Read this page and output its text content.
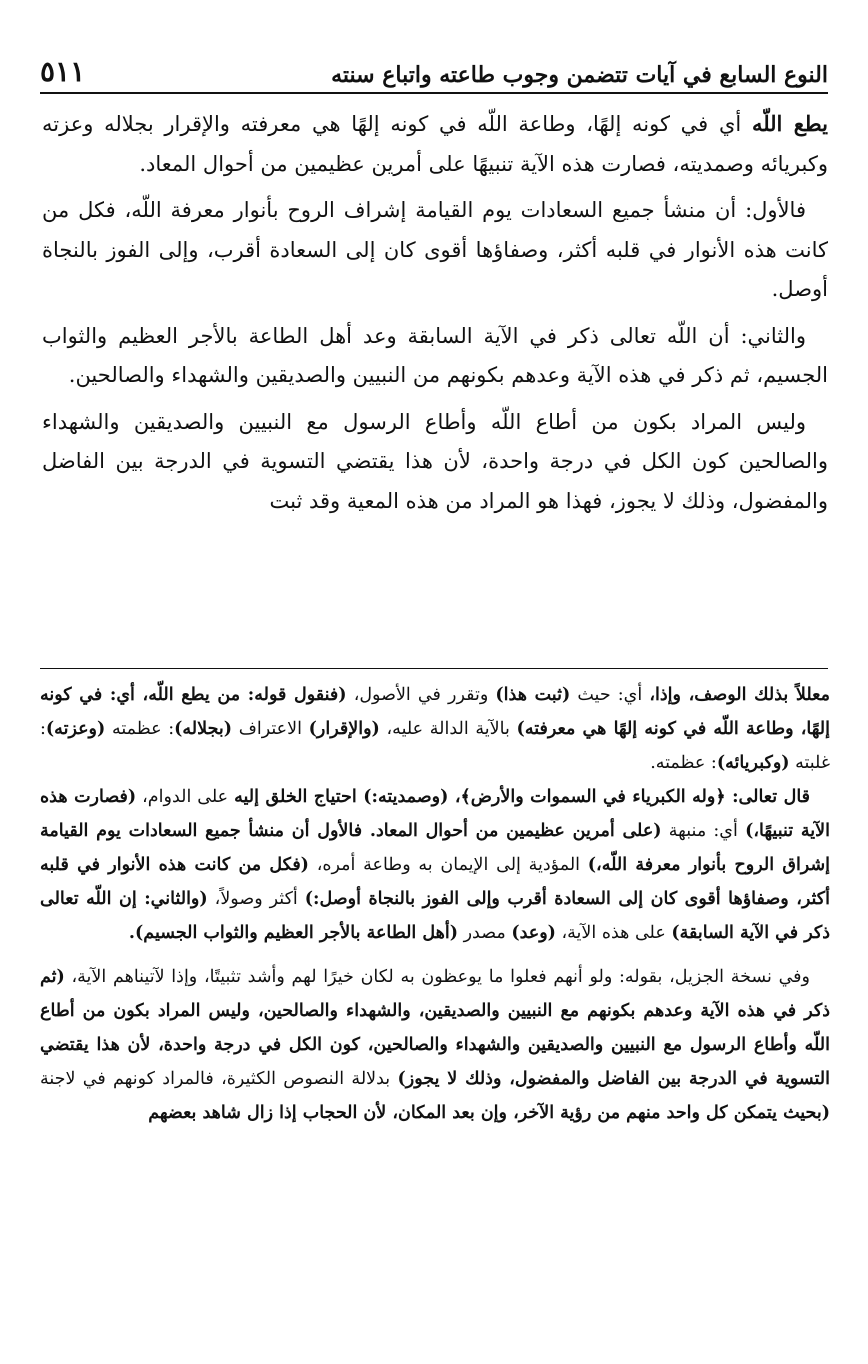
النوع السابع في آيات تتضمن وجوب طاعته واتباع سنته
٥١١

يطع اللّه أي في كونه إلهًا، وطاعة اللّه في كونه إلهًا هي معرفته والإقرار بجلاله وعزته وكبريائه وصمديته، فصارت هذه الآية تنبيهًا على أمرين عظيمين من أحوال المعاد.

فالأول: أن منشأ جميع السعادات يوم القيامة إشراف الروح بأنوار معرفة اللّه، فكل من كانت هذه الأنوار في قلبه أكثر، وصفاؤها أقوى كان إلى السعادة أقرب، وإلى الفوز بالنجاة أوصل.

والثاني: أن اللّه تعالى ذكر في الآية السابقة وعد أهل الطاعة بالأجر العظيم والثواب الجسيم، ثم ذكر في هذه الآية وعدهم بكونهم من النبيين والصديقين والشهداء والصالحين.

وليس المراد بكون من أطاع اللّه وأطاع الرسول مع النبيين والصديقين والشهداء والصالحين كون الكل في درجة واحدة، لأن هذا يقتضي التسوية في الدرجة بين الفاضل والمفضول، وذلك لا يجوز، فهذا هو المراد من هذه المعية وقد ثبت

معللاً بذلك الوصف، وإذا، أي: حيث (ثبت هذا) وتقرر في الأصول، (فنقول قوله: من يطع اللّه، أي: في كونه إلهًا، وطاعة اللّه في كونه إلهًا هي معرفته) بالآية الدالة عليه، (والإقرار) الاعتراف (بجلاله): عظمته (وعزته): غلبته (وكبريائه): عظمته.

قال تعالى: ﴿وله الكبرياء في السموات والأرض﴾، (وصمديته:) احتياج الخلق إليه على الدوام، (فصارت هذه الآية تنبيهًا،) أي: منبهة (على أمرين عظيمين من أحوال المعاد. فالأول أن منشأ جميع السعادات يوم القيامة إشراق الروح بأنوار معرفة اللّه،) المؤدية إلى الإيمان به وطاعة أمره، (فكل من كانت هذه الأنوار في قلبه أكثر، وصفاؤها أقوى كان إلى السعادة أقرب وإلى الفوز بالنجاة أوصل:) أكثر وصولاً، (والثاني: إن اللّه تعالى ذكر في الآية السابقة) على هذه الآية، (وعد) مصدر (أهل الطاعة بالأجر العظيم والثواب الجسيم).

وفي نسخة الجزيل، بقوله: ولو أنهم فعلوا ما يوعظون به لكان خيرًا لهم وأشد تثبيتًا، وإذا لآتيناهم الآية، (ثم ذكر في هذه الآية وعدهم بكونهم مع النبيين والصديقين، والشهداء والصالحين، وليس المراد بكون من أطاع اللّه وأطاع الرسول مع النبيين والصديقين والشهداء والصالحين، كون الكل في درجة واحدة، لأن هذا يقتضي التسوية في الدرجة بين الفاضل والمفضول، وذلك لا يجوز) بدلالة النصوص الكثيرة، فالمراد كونهم في لاجنة (بحيث يتمكن كل واحد منهم من رؤية الآخر، وإن بعد المكان، لأن الحجاب إذا زال شاهد بعضهم
